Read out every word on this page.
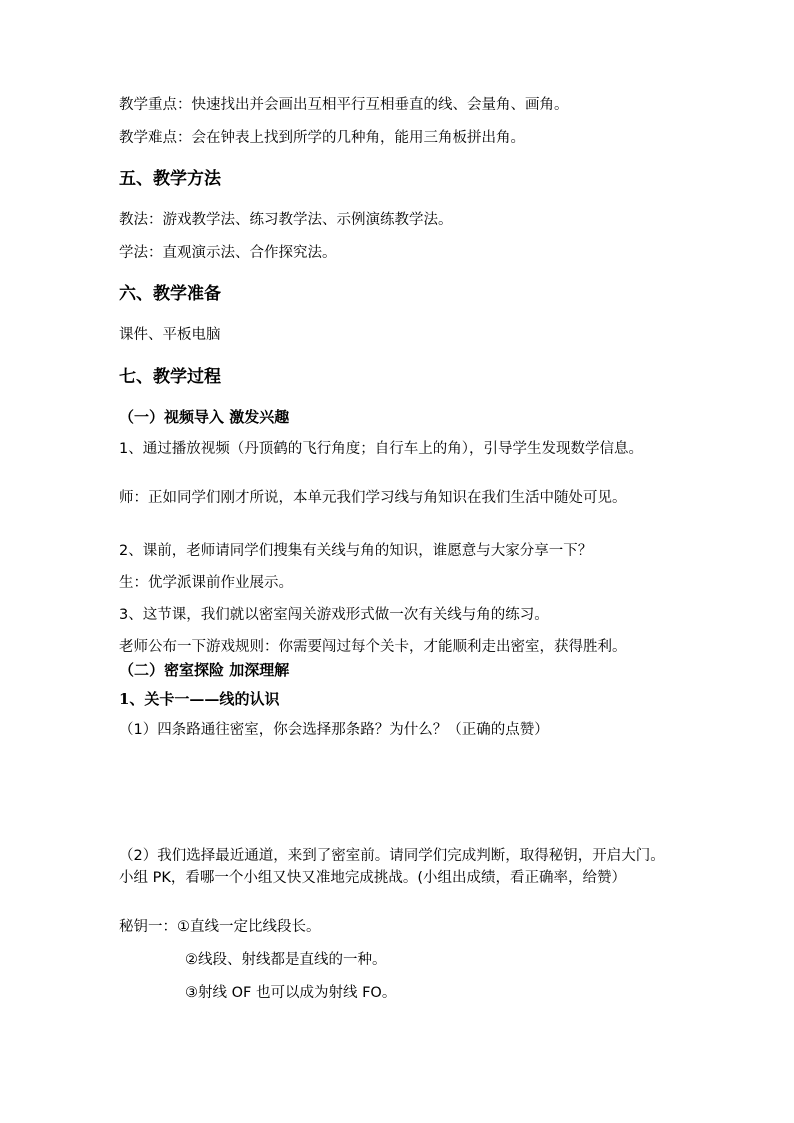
教学重点：快速找出并会画出互相平行互相垂直的线、会量角、画角。
教学难点：会在钟表上找到所学的几种角，能用三角板拼出角。
五、教学方法
教法：游戏教学法、练习教学法、示例演练教学法。
学法：直观演示法、合作探究法。
六、教学准备
课件、平板电脑
七、教学过程
（一）视频导入 激发兴趣
1、通过播放视频（丹顶鹤的飞行角度；自行车上的角），引导学生发现数学信息。
师：正如同学们刚才所说，本单元我们学习线与角知识在我们生活中随处可见。
2、课前，老师请同学们搜集有关线与角的知识，谁愿意与大家分享一下？
生：优学派课前作业展示。
3、这节课，我们就以密室闯关游戏形式做一次有关线与角的练习。
老师公布一下游戏规则：你需要闯过每个关卡，才能顺利走出密室，获得胜利。
（二）密室探险 加深理解
1、关卡一——线的认识
（1）四条路通往密室，你会选择那条路？为什么？（正确的点赞）
（2）我们选择最近通道，来到了密室前。请同学们完成判断，取得秘钥，开启大门。小组 PK，看哪一个小组又快又准地完成挑战。(小组出成绩，看正确率，给赞）
秘钥一：①直线一定比线段长。
②线段、射线都是直线的一种。
③射线 OF 也可以成为射线 FO。
